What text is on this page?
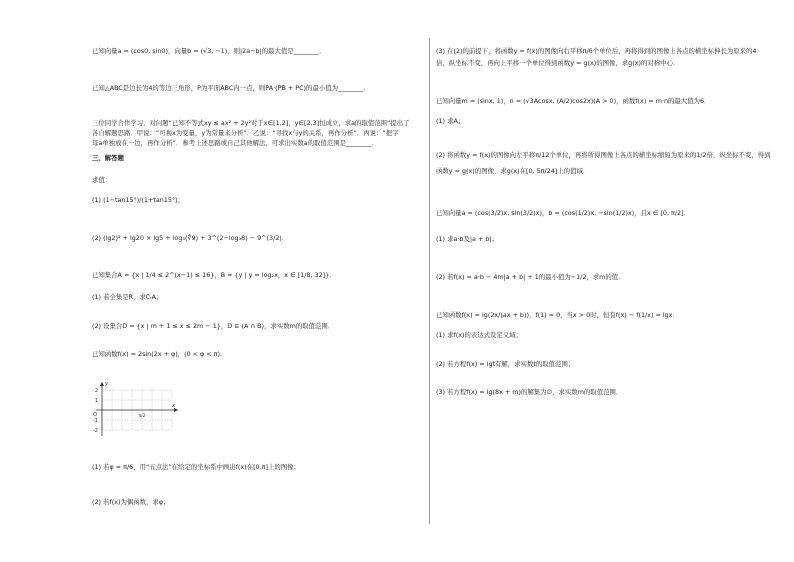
已知向量a = (cos0, sin0)，向量b = (√3, −1)，则|2a−b|的最大值是________．
已知△ABC是边长为4的等边三角形，P为平面ABC内一点，则PA·(PB + PC)的最小值为________．
三位同学合作学习，对问题“已知不等式xy ≤ ax² + 2y²对于x∈[1,2]，y∈[2,3]恒成立，求a的取值范围”提出了
各自解题思路．甲说：“可视x为变量，y为常量来分析”．乙说：“寻找x与y的关系，再作分析”．丙说：“把字
母a单独放在一边，再作分析”．参考上述思路或自己其他解法，可求出实数a的取值范围是________．
三、解答题
求值：
(1) (1−tan15°)/(1+tan15°)；
(2) (lg2)² + lg20 × lg5 + log₃(∜9) + 3^(2−log₃8) − 9^(3/2)．
已知集合A = {x | 1/4 ≤ 2^(x−1) ≤ 16}，B = {y | y = log₂x，x ∈ [1/8, 32]}．
(1) 若全集是R，求∁ᵣA；
(2) 设集合D = {x | m + 1 ≤ x ≤ 2m − 1}，D ⊆ (A ∩ B)，求实数m的取值范围．
已知函数f(x) = 2sin(2x + φ)，(0 < φ < π)．
2
1
-1
-2
y
x
O	π/2
(1) 若φ = π/6，用“五点法”在给定的坐标系中画出f(x)在[0,π]上的图像；
(2) 若f(x)为偶函数，求φ；
(3) 在(2)的前提下，将函数y = f(x)的图像向右平移π/6个单位后，再将得到的图像上各点的横坐标伸长为原来的4
倍，纵坐标不变，再向上平移一个单位得到函数y = g(x)的图像，求g(x)的对称中心．
已知向量m = (sinx, 1)，n = (√3Acosx, (A/2)cos2x)(A > 0)，函数f(x) = m·n的最大值为6．
(1) 求A；
(2) 将函数y = f(x)的图像向左平移π/12个单位，再将所得图像上各点的横坐标缩短为原来的1/2倍，纵坐标不变，得到
函数y = g(x)的图像，求g(x)在[0, 5π/24]上的值域．
已知向量a = (cos(3/2)x, sin(3/2)x)，b = (cos(1/2)x, −sin(1/2)x)，且x ∈ [0, π/2]．
(1) 求a·b及|a + b|；
(2) 若f(x) = a·b − 4m|a + b| + 1的最小值为−1/2，求m的值．
已知函数f(x) = lg(2x/(ax + b))，f(1) = 0，当x > 0时，恒有f(x) − f(1/x) = lgx．
(1) 求f(x)的表达式及定义域；
(2) 若方程f(x) = lgt有解，求实数t的取值范围；
(3) 若方程f(x) = lg(8x + m)的解集为∅，求实数m的取值范围．
